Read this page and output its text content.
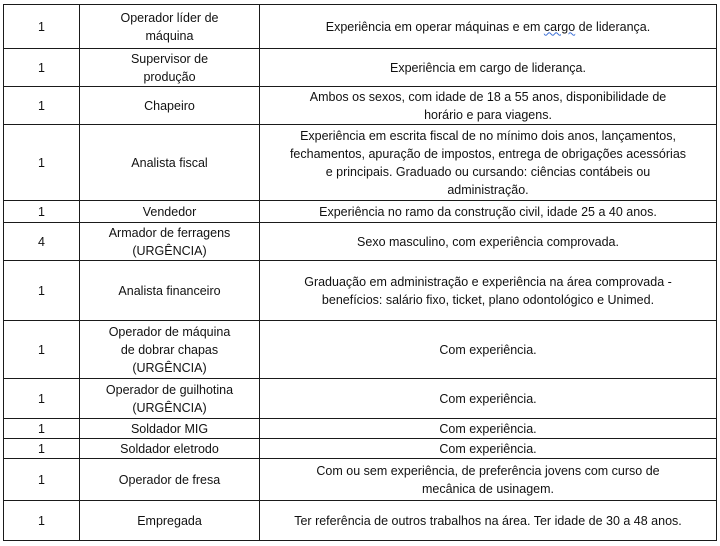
1	Operador líder de máquina	Experiência em operar máquinas e em cargo de liderança.
1	Supervisor de produção	Experiência em cargo de liderança.
1	Chapeiro	Ambos os sexos, com idade de 18 a 55 anos, disponibilidade de horário e para viagens.
1	Analista fiscal	Experiência em escrita fiscal de no mínimo dois anos, lançamentos, fechamentos, apuração de impostos, entrega de obrigações acessórias e principais. Graduado ou cursando: ciências contábeis ou administração.
1	Vendedor	Experiência no ramo da construção civil, idade 25 a 40 anos.
4	Armador de ferragens (URGÊNCIA)	Sexo masculino, com experiência comprovada.
1	Analista financeiro	Graduação em administração e experiência na área comprovada - benefícios: salário fixo, ticket, plano odontológico e Unimed.
1	Operador de máquina de dobrar chapas (URGÊNCIA)	Com experiência.
1	Operador de guilhotina (URGÊNCIA)	Com experiência.
1	Soldador MIG	Com experiência.
1	Soldador eletrodo	Com experiência.
1	Operador de fresa	Com ou sem experiência, de preferência jovens com curso de mecânica de usinagem.
1	Empregada	Ter referência de outros trabalhos na área. Ter idade de 30 a 48 anos.
